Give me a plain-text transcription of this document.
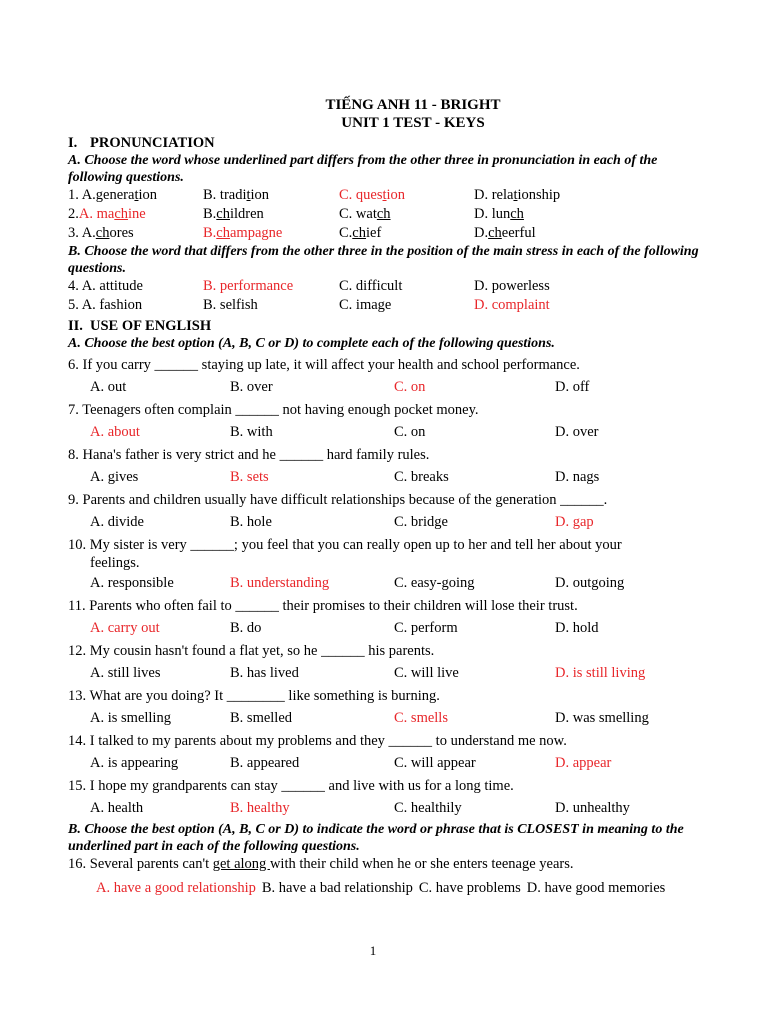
TIẾNG ANH 11 - BRIGHT
UNIT 1 TEST - KEYS
I. PRONUNCIATION
A. Choose the word whose underlined part differs from the other three in pronunciation in each of the following questions.
1. A.generation	B. tradition	C. question	D. relationship
2.A. machine	B.children	C. watch	D. lunch
3. A.chores	B.champagne	C.chief	D.cheerful
B. Choose the word that differs from the other three in the position of the main stress in each of the following questions.
4. A. attitude	B. performance	C. difficult	D. powerless
5. A. fashion	B. selfish	C. image	D. complaint
II. USE OF ENGLISH
A. Choose the best option (A, B, C or D) to complete each of the following questions.
6. If you carry ______ staying up late, it will affect your health and school performance.
A. out	B. over	C. on	D. off
7. Teenagers often complain ______ not having enough pocket money.
A. about	B. with	C. on	D. over
8. Hana's father is very strict and he ______ hard family rules.
A. gives	B. sets	C. breaks	D. nags
9. Parents and children usually have difficult relationships because of the generation ______.
A. divide	B. hole	C. bridge	D. gap
10. My sister is very ______; you feel that you can really open up to her and tell her about your
feelings.
A. responsible	B. understanding	C. easy-going	D. outgoing
11. Parents who often fail to ______ their promises to their children will lose their trust.
A. carry out	B. do	C. perform	D. hold
12. My cousin hasn't found a flat yet, so he ______ his parents.
A. still lives	B. has lived	C. will live	D. is still living
13. What are you doing? It ________ like something is burning.
A. is smelling	B. smelled	C. smells	D. was smelling
14. I talked to my parents about my problems and they ______ to understand me now.
A. is appearing	B. appeared	C. will appear	D. appear
15. I hope my grandparents can stay ______ and live with us for a long time.
A. health	B. healthy	C. healthily	D. unhealthy
B. Choose the best option (A, B, C or D) to indicate the word or phrase that is CLOSEST in meaning to the underlined part in each of the following questions.
16. Several parents can't get along with their child when he or she enters teenage years.
A. have a good relationship B. have a bad relationship C. have problems D. have good memories
1
